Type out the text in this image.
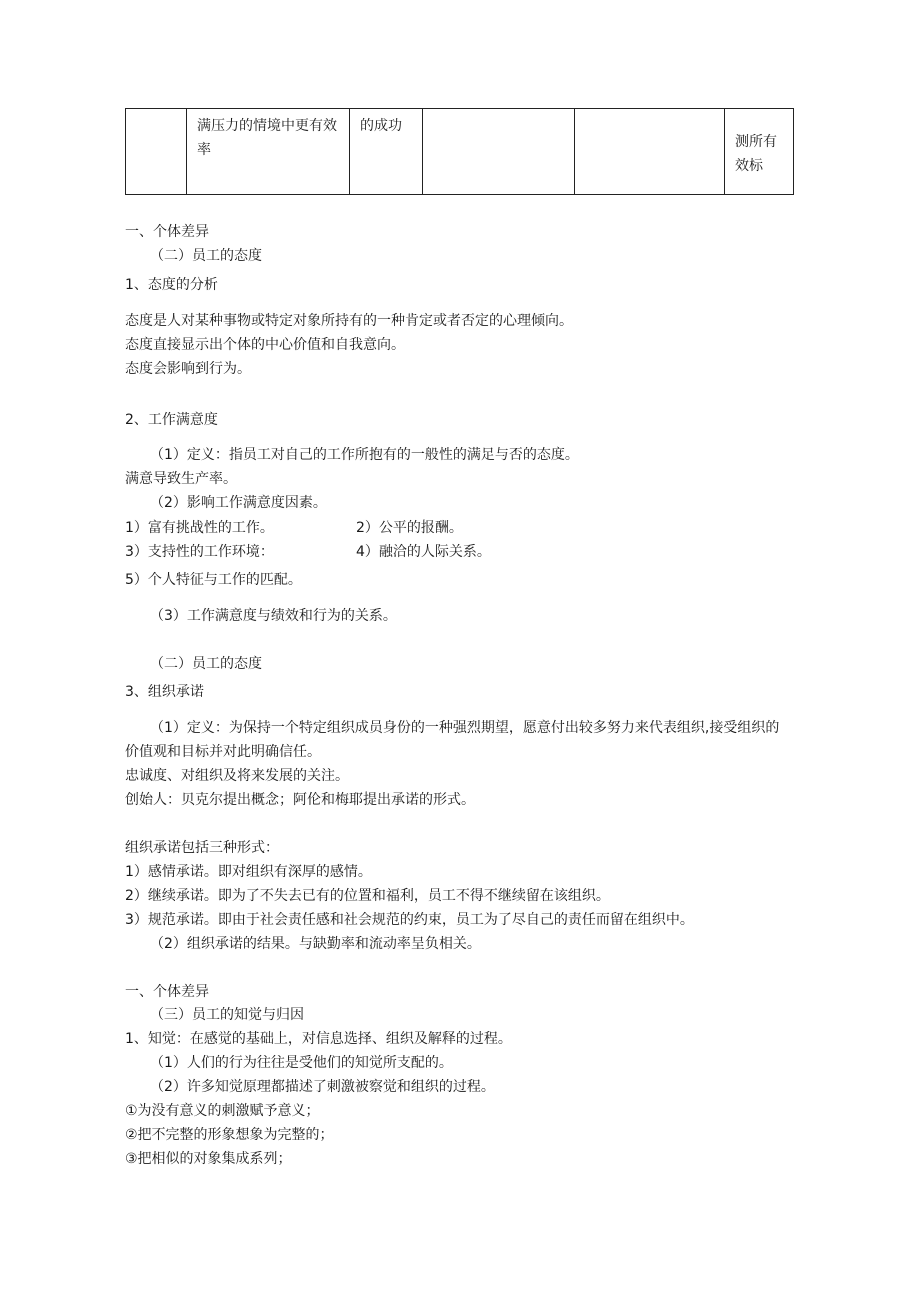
	满压力的情境中更有效率	的成功			测所有效标
一、个体差异
（二）员工的态度
1、态度的分析
态度是人对某种事物或特定对象所持有的一种肯定或者否定的心理倾向。
态度直接显示出个体的中心价值和自我意向。
态度会影响到行为。
2、工作满意度
（1）定义：指员工对自己的工作所抱有的一般性的满足与否的态度。
满意导致生产率。
（2）影响工作满意度因素。
1）富有挑战性的工作。	2）公平的报酬。
3）支持性的工作环境：	4）融洽的人际关系。
5）个人特征与工作的匹配。
（3）工作满意度与绩效和行为的关系。
（二）员工的态度
3、组织承诺
（1）定义：为保持一个特定组织成员身份的一种强烈期望，愿意付出较多努力来代表组织,接受组织的价值观和目标并对此明确信任。
忠诚度、对组织及将来发展的关注。
创始人：贝克尔提出概念；阿伦和梅耶提出承诺的形式。
组织承诺包括三种形式：
1）感情承诺。即对组织有深厚的感情。
2）继续承诺。即为了不失去已有的位置和福利，员工不得不继续留在该组织。
3）规范承诺。即由于社会责任感和社会规范的约束，员工为了尽自己的责任而留在组织中。
（2）组织承诺的结果。与缺勤率和流动率呈负相关。
一、个体差异
（三）员工的知觉与归因
1、知觉：在感觉的基础上，对信息选择、组织及解释的过程。
（1）人们的行为往往是受他们的知觉所支配的。
（2）许多知觉原理都描述了刺激被察觉和组织的过程。
①为没有意义的刺激赋予意义；
②把不完整的形象想象为完整的；
③把相似的对象集成系列；
